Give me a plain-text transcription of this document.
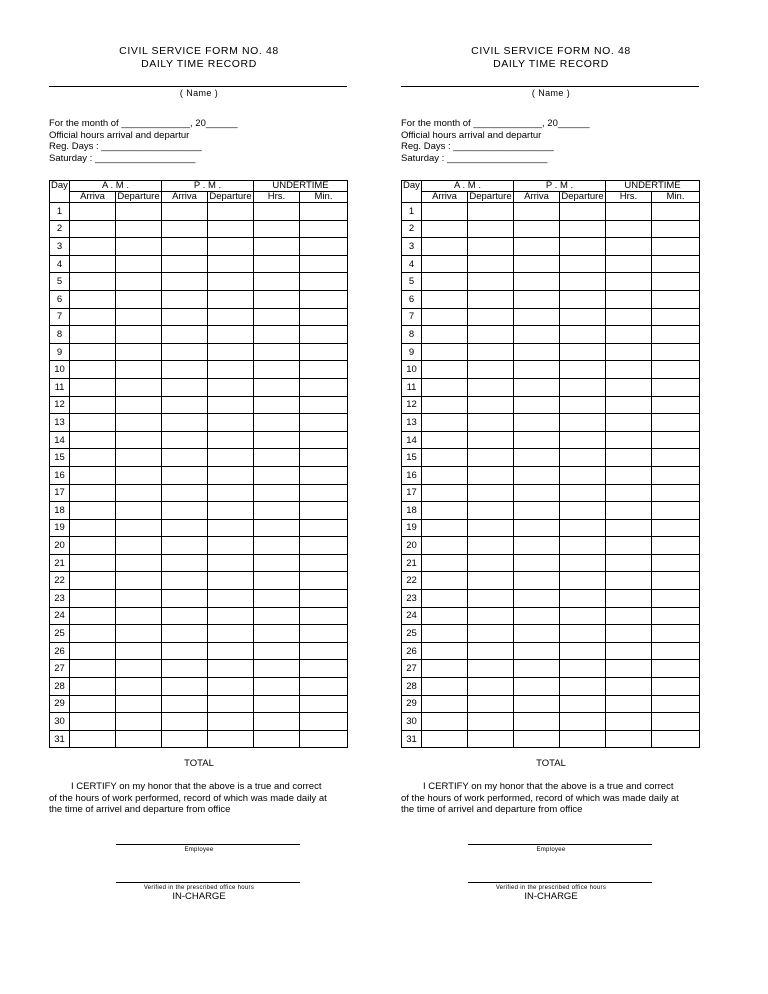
CIVIL SERVICE FORM NO. 48
DAILY TIME RECORD
( Name )
For the month of _____________, 20______
Official hours arrival and departur
Reg. Days : ___________________
Saturday : ___________________
Day	A . M .		P . M .		UNDERTIME	
	Arriva	Departure	Arriva	Departure	Hrs.	Min.
1						
2						
3						
4						
5						
6						
7						
8						
9						
10						
11						
12						
13						
14						
15						
16						
17						
18						
19						
20						
21						
22						
23						
24						
25						
26						
27						
28						
29						
30						
31						
TOTAL
I CERTIFY on my honor that the above is a true and correct
of the hours of work performed, record of which was made daily at
the time of arrivel and departure from office
Employee
Verified in the prescribed office hours
IN-CHARGE
CIVIL SERVICE FORM NO. 48
DAILY TIME RECORD
( Name )
For the month of _____________, 20______
Official hours arrival and departur
Reg. Days : ___________________
Saturday : ___________________
Day	A . M .		P . M .		UNDERTIME	
	Arriva	Departure	Arriva	Departure	Hrs.	Min.
1						
2						
3						
4						
5						
6						
7						
8						
9						
10						
11						
12						
13						
14						
15						
16						
17						
18						
19						
20						
21						
22						
23						
24						
25						
26						
27						
28						
29						
30						
31						
TOTAL
I CERTIFY on my honor that the above is a true and correct
of the hours of work performed, record of which was made daily at
the time of arrivel and departure from office
Employee
Verified in the prescribed office hours
IN-CHARGE
